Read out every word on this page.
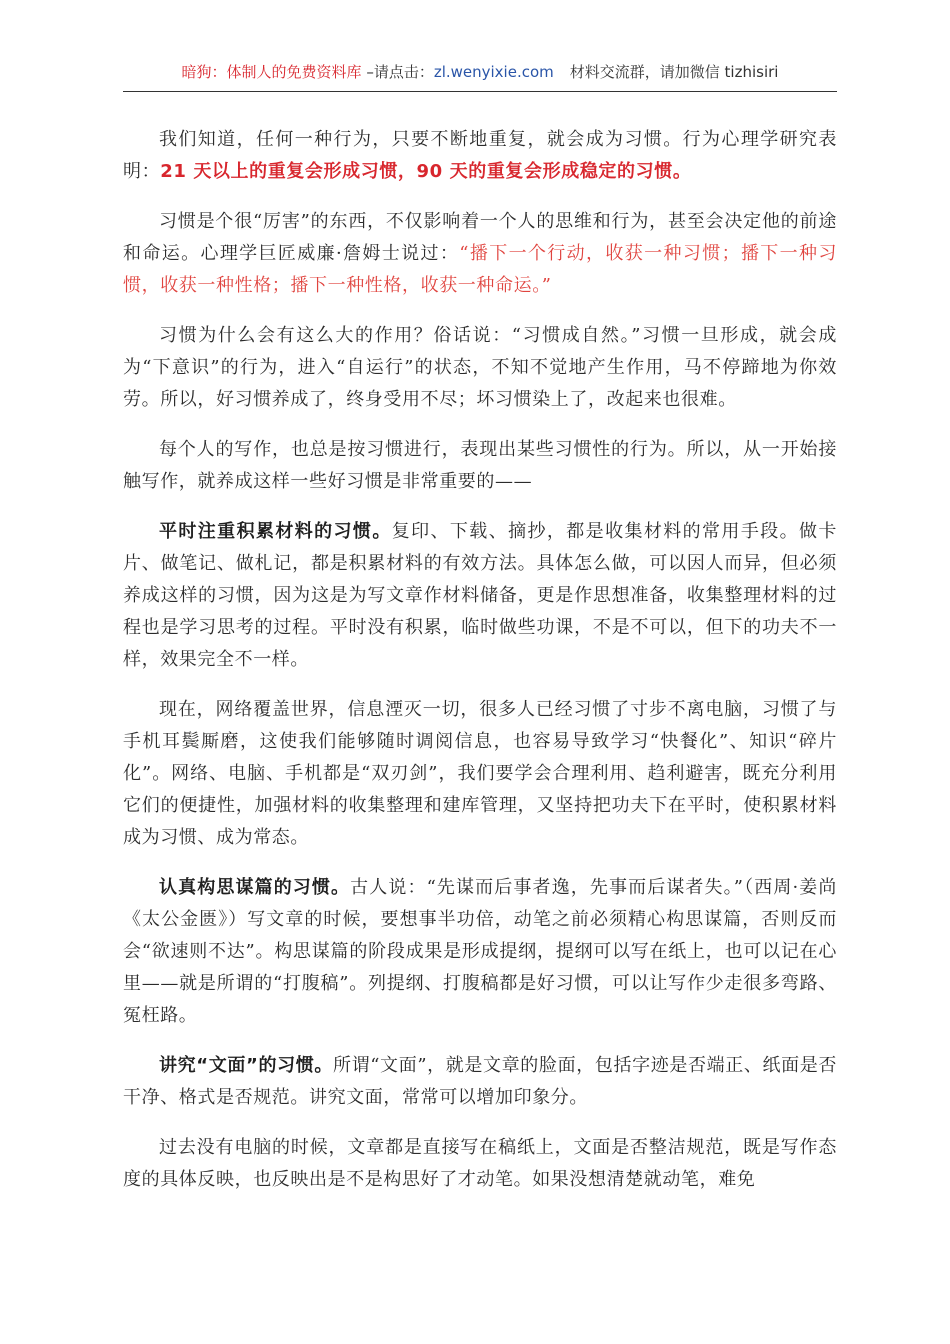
暗狗：体制人的免费资料库 –请点击：zl.wenyixie.com 材料交流群，请加微信 tizhisiri

我们知道，任何一种行为，只要不断地重复，就会成为习惯。行为心理学研究表明：21 天以上的重复会形成习惯，90 天的重复会形成稳定的习惯。

习惯是个很“厉害”的东西，不仅影响着一个人的思维和行为，甚至会决定他的前途和命运。心理学巨匠威廉·詹姆士说过：“播下一个行动，收获一种习惯；播下一种习惯，收获一种性格；播下一种性格，收获一种命运。”

习惯为什么会有这么大的作用？俗话说：“习惯成自然。”习惯一旦形成，就会成为“下意识”的行为，进入“自运行”的状态，不知不觉地产生作用，马不停蹄地为你效劳。所以，好习惯养成了，终身受用不尽；坏习惯染上了，改起来也很难。

每个人的写作，也总是按习惯进行，表现出某些习惯性的行为。所以，从一开始接触写作，就养成这样一些好习惯是非常重要的——

平时注重积累材料的习惯。复印、下载、摘抄，都是收集材料的常用手段。做卡片、做笔记、做札记，都是积累材料的有效方法。具体怎么做，可以因人而异，但必须养成这样的习惯，因为这是为写文章作材料储备，更是作思想准备，收集整理材料的过程也是学习思考的过程。平时没有积累，临时做些功课，不是不可以，但下的功夫不一样，效果完全不一样。

现在，网络覆盖世界，信息湮灭一切，很多人已经习惯了寸步不离电脑，习惯了与手机耳鬓厮磨，这使我们能够随时调阅信息，也容易导致学习“快餐化”、知识“碎片化”。网络、电脑、手机都是“双刃剑”，我们要学会合理利用、趋利避害，既充分利用它们的便捷性，加强材料的收集整理和建库管理，又坚持把功夫下在平时，使积累材料成为习惯、成为常态。

认真构思谋篇的习惯。古人说：“先谋而后事者逸，先事而后谋者失。”（西周·姜尚《太公金匮》）写文章的时候，要想事半功倍，动笔之前必须精心构思谋篇，否则反而会“欲速则不达”。构思谋篇的阶段成果是形成提纲，提纲可以写在纸上，也可以记在心里——就是所谓的“打腹稿”。列提纲、打腹稿都是好习惯，可以让写作少走很多弯路、冤枉路。

讲究“文面”的习惯。所谓“文面”，就是文章的脸面，包括字迹是否端正、纸面是否干净、格式是否规范。讲究文面，常常可以增加印象分。

过去没有电脑的时候，文章都是直接写在稿纸上，文面是否整洁规范，既是写作态度的具体反映，也反映出是不是构思好了才动笔。如果没想清楚就动笔，难免
